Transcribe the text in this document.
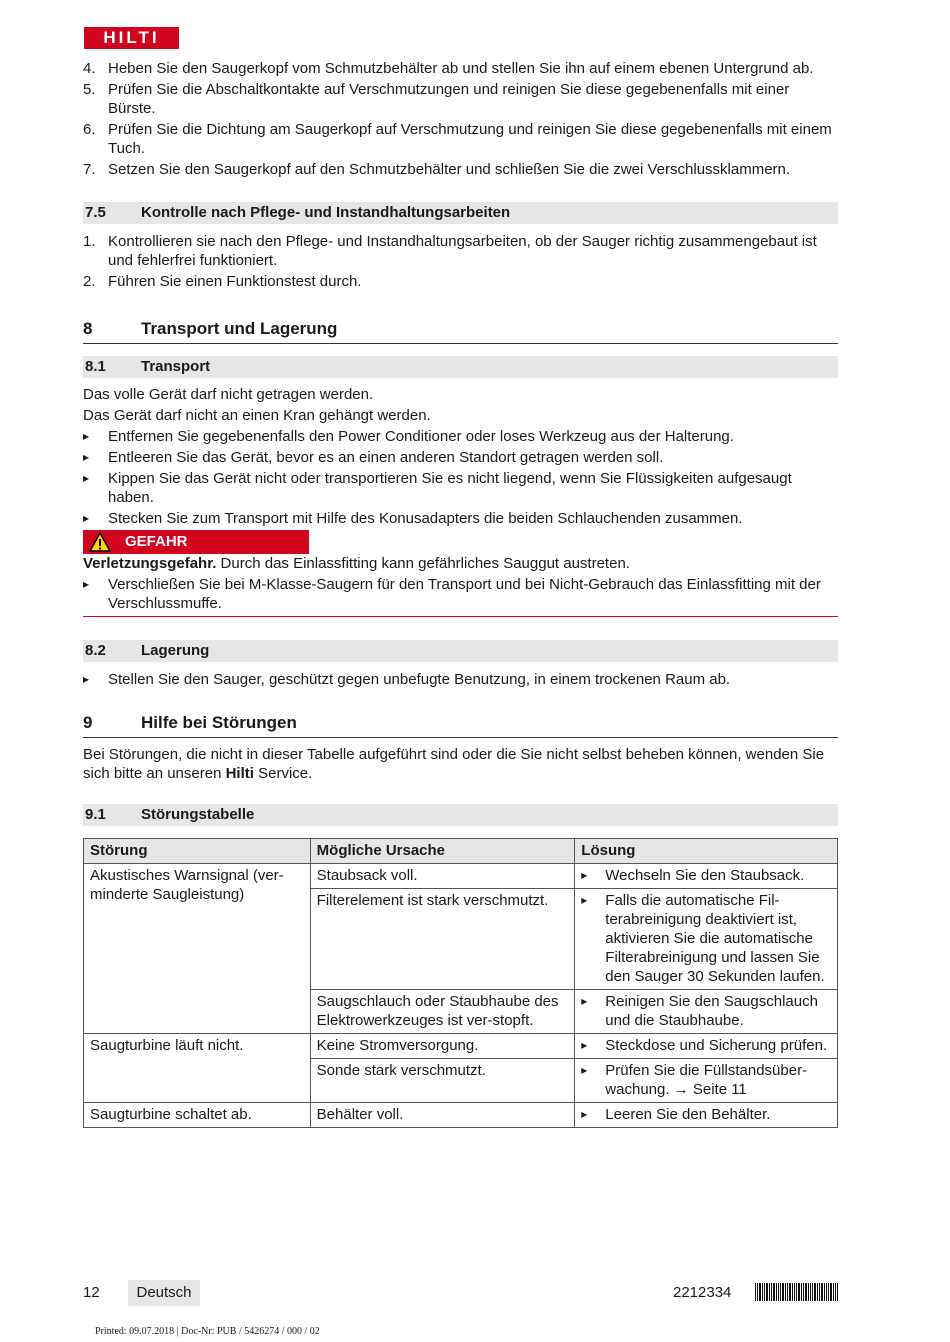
HILTI
4. Heben Sie den Saugerkopf vom Schmutzbehälter ab und stellen Sie ihn auf einem ebenen Untergrund ab.
5. Prüfen Sie die Abschaltkontakte auf Verschmutzungen und reinigen Sie diese gegebenenfalls mit einer Bürste.
6. Prüfen Sie die Dichtung am Saugerkopf auf Verschmutzung und reinigen Sie diese gegebenenfalls mit einem Tuch.
7. Setzen Sie den Saugerkopf auf den Schmutzbehälter und schließen Sie die zwei Verschlussklammern.
7.5 Kontrolle nach Pflege- und Instandhaltungsarbeiten
1. Kontrollieren sie nach den Pflege- und Instandhaltungsarbeiten, ob der Sauger richtig zusammengebaut ist und fehlerfrei funktioniert.
2. Führen Sie einen Funktionstest durch.
8	Transport und Lagerung
8.1 Transport

Das volle Gerät darf nicht getragen werden.

Das Gerät darf nicht an einen Kran gehängt werden.

▸ Entfernen Sie gegebenenfalls den Power Conditioner oder loses Werkzeug aus der Halterung.
▸ Entleeren Sie das Gerät, bevor es an einen anderen Standort getragen werden soll.
▸ Kippen Sie das Gerät nicht oder transportieren Sie es nicht liegend, wenn Sie Flüssigkeiten aufgesaugt haben.
▸ Stecken Sie zum Transport mit Hilfe des Konusadapters die beiden Schlauchenden zusammen.
GEFAHR

Verletzungsgefahr. Durch das Einlassfitting kann gefährliches Sauggut austreten.

▸ Verschließen Sie bei M-Klasse-Saugern für den Transport und bei Nicht-Gebrauch das Einlassfitting mit der Verschlussmuffe.
8.2 Lagerung
▸ Stellen Sie den Sauger, geschützt gegen unbefugte Benutzung, in einem trockenen Raum ab.
9	Hilfe bei Störungen

Bei Störungen, die nicht in dieser Tabelle aufgeführt sind oder die Sie nicht selbst beheben können, wenden Sie sich bitte an unseren Hilti Service.

9.1 Störungstabelle
Störung	Mögliche Ursache	Lösung
Akustisches Warnsignal (ver-minderte Saugleistung)	Staubsack voll.	▸ Wechseln Sie den Staubsack.

	Filterelement ist stark verschmutzt.	▸ Falls die automatische Fil-terabreinigung deaktiviert ist, aktivieren Sie die automatische Filterabreinigung und lassen Sie den Sauger 30 Sekunden laufen.

	Saugschlauch oder Staubhaube des Elektrowerkzeuges ist ver-stopft.	▸ Reinigen Sie den Saugschlauch und die Staubhaube.

Saugturbine läuft nicht.	Keine Stromversorgung.	▸ Steckdose und Sicherung prüfen.

	Sonde stark verschmutzt.	▸ Prüfen Sie die Füllstandsüber-wachung. → Seite 11

Saugturbine schaltet ab.	Behälter voll.	▸ Leeren Sie den Behälter.
12	Deutsch	2212334
Printed: 09.07.2018 | Doc-Nr: PUB / 5426274 / 000 / 02
